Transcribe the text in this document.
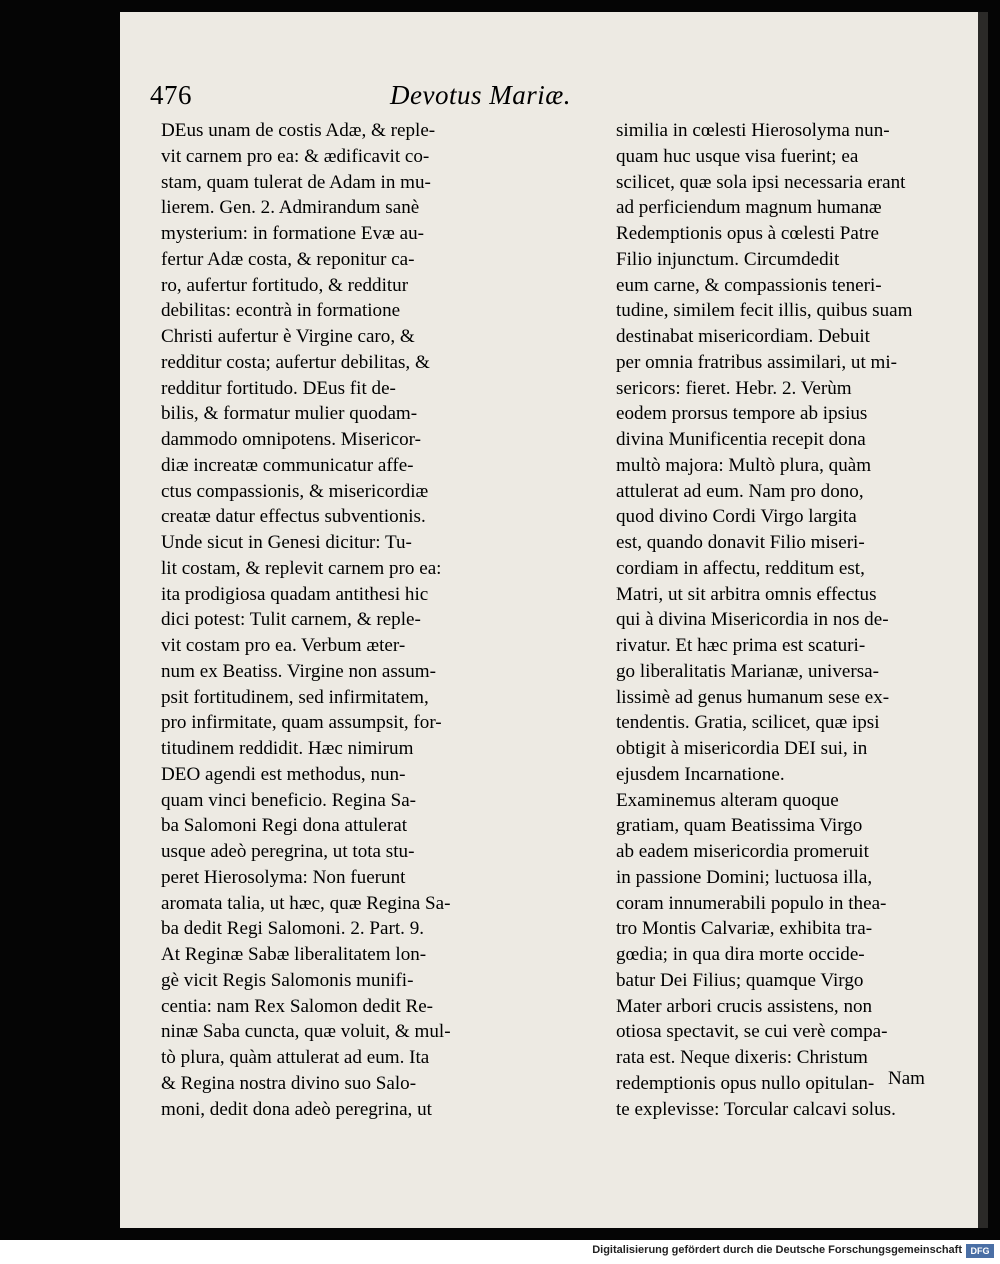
476	Devotus Mariæ.
DEus unam de costis Adæ, & reple-
vit carnem pro ea: & ædificavit co-
stam, quam tulerat de Adam in mu-
lierem. Gen. 2. Admirandum sanè
mysterium: in formatione Evæ au-
fertur Adæ costa, & reponitur ca-
ro, aufertur fortitudo, & redditur
debilitas: econtrà in formatione
Christi aufertur è Virgine caro, &
redditur costa; aufertur debilitas, &
redditur fortitudo. DEus fit de-
bilis, & formatur mulier quodam-
dammodo omnipotens. Misericor-
diæ increatæ communicatur affe-
ctus compassionis, & misericordiæ
creatæ datur effectus subventionis.
Unde sicut in Genesi dicitur: Tu-
lit costam, & replevit carnem pro ea:
ita prodigiosa quadam antithesi hic
dici potest: Tulit carnem, & reple-
vit costam pro ea. Verbum æter-
num ex Beatiss. Virgine non assum-
psit fortitudinem, sed infirmitatem,
pro infirmitate, quam assumpsit, for-
titudinem reddidit. Hæc nimirum
DEO agendi est methodus, nun-
quam vinci beneficio. Regina Sa-
ba Salomoni Regi dona attulerat
usque adeò peregrina, ut tota stu-
peret Hierosolyma: Non fuerunt
aromata talia, ut hæc, quæ Regina Sa-
ba dedit Regi Salomoni. 2. Part. 9.
At Reginæ Sabæ liberalitatem lon-
gè vicit Regis Salomonis munifi-
centia: nam Rex Salomon dedit Re-
ninæ Saba cuncta, quæ voluit, & mul-
tò plura, quàm attulerat ad eum. Ita
& Regina nostra divino suo Salo-
moni, dedit dona adeò peregrina, ut
similia in cœlesti Hierosolyma nun-
quam huc usque visa fuerint; ea
scilicet, quæ sola ipsi necessaria erant
ad perficiendum magnum humanæ
Redemptionis opus à cœlesti Patre
Filio injunctum. Circumdedit
eum carne, & compassionis teneri-
tudine, similem fecit illis, quibus suam
destinabat misericordiam. Debuit
per omnia fratribus assimilari, ut mi-
sericors: fieret. Hebr. 2. Verùm
eodem prorsus tempore ab ipsius
divina Munificentia recepit dona
multò majora: Multò plura, quàm
attulerat ad eum. Nam pro dono,
quod divino Cordi Virgo largita
est, quando donavit Filio miseri-
cordiam in affectu, redditum est,
Matri, ut sit arbitra omnis effectus
qui à divina Misericordia in nos de-
rivatur. Et hæc prima est scaturi-
go liberalitatis Marianæ, universa-
lissimè ad genus humanum sese ex-
tendentis. Gratia, scilicet, quæ ipsi
obtigit à misericordia DEI sui, in
ejusdem Incarnatione.
Examinemus alteram quoque
gratiam, quam Beatissima Virgo
ab eadem misericordia promeruit
in passione Domini; luctuosa illa,
coram innumerabili populo in thea-
tro Montis Calvariæ, exhibita tra-
gœdia; in qua dira morte occide-
batur Dei Filius; quamque Virgo
Mater arbori crucis assistens, non
otiosa spectavit, se cui verè compa-
rata est. Neque dixeris: Christum
redemptionis opus nullo opitulan-
te explevisse: Torcular calcavi solus.
Nam
Digitalisierung gefördert durch die Deutsche Forschungsgemeinschaft DFG
